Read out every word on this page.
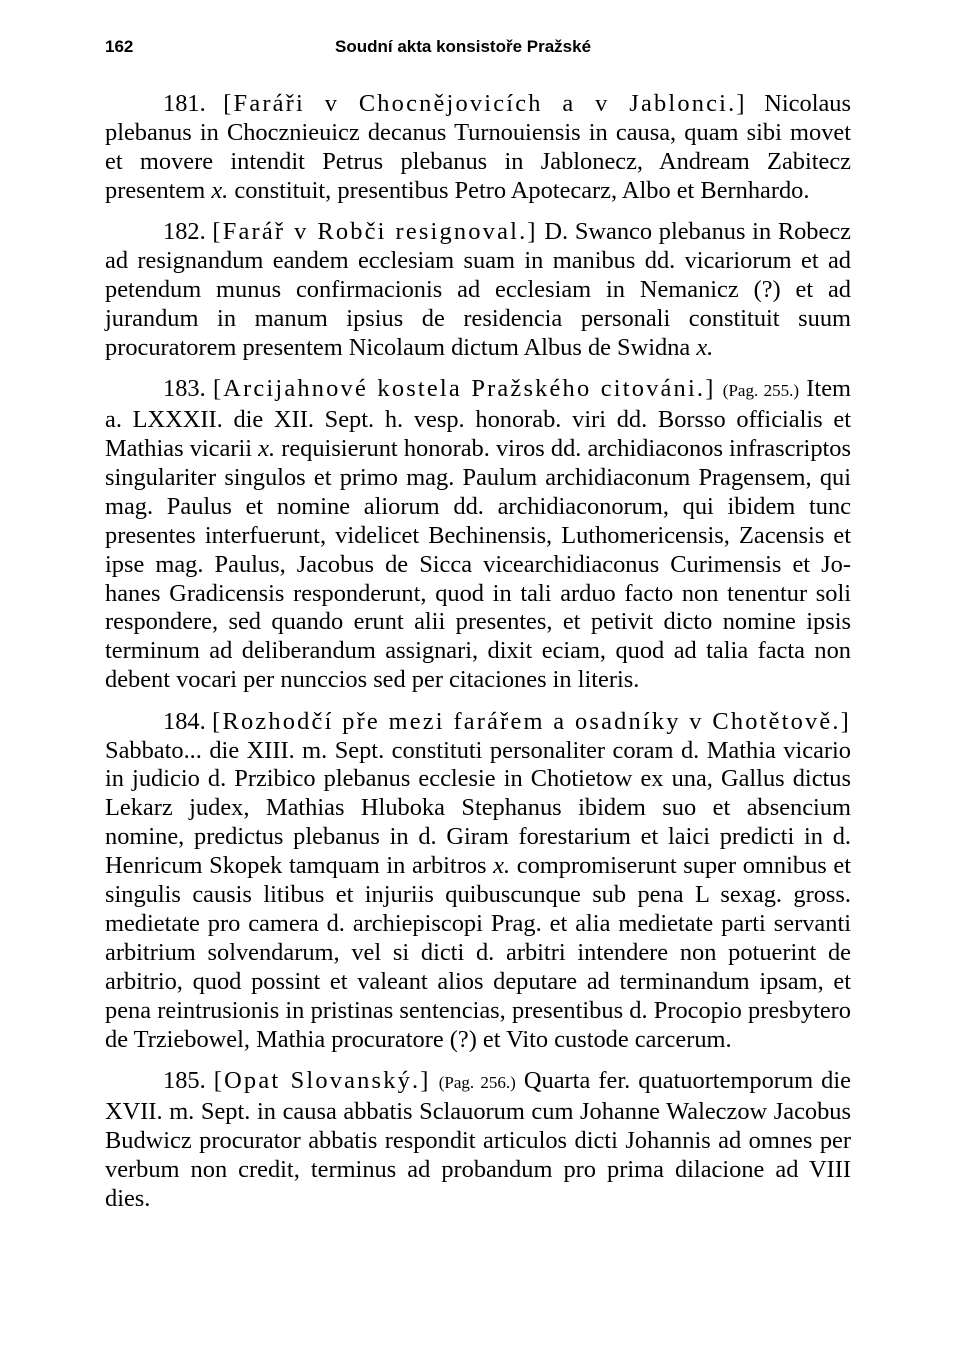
162	Soudní akta konsistoře Pražské

181. [Faráři v Chocnějovicích a v Jablonci.] Nicolaus plebanus in Chocznieuicz decanus Turnouiensis in causa, quam sibi movet et movere intendit Petrus plebanus in Jablonecz, Andream Zabitecz presentem x. constituit, presentibus Petro Apotecarz, Albo et Bernhardo.

182. [Farář v Robči resignoval.] D. Swanco plebanus in Robecz ad resignandum eandem ecclesiam suam in manibus dd. vicariorum et ad petendum munus confirmacionis ad ecclesiam in Nemanicz (?) et ad jurandum in manum ipsius de residencia personali constituit suum procuratorem presentem Nicolaum dictum Albus de Swidna x.

183. [Arcijahnové kostela Pražského citováni.] (Pag. 255.) Item a. LXXXII. die XII. Sept. h. vesp. honorab. viri dd. Borsso officialis et Mathias vicarii x. requisierunt honorab. viros dd. archidiaconos infrascriptos singulariter singulos et primo mag. Paulum archidiaconum Pragensem, qui mag. Paulus et nomine aliorum dd. archidiaconorum, qui ibidem tunc presentes interfuerunt, videlicet Bechinensis, Luthomericensis, Zacensis et ipse mag. Paulus, Jacobus de Sicca vicearchidiaconus Curimensis et Johanes Gradicensis responderunt, quod in tali arduo facto non tenentur soli respondere, sed quando erunt alii presentes, et petivit dicto nomine ipsis terminum ad deliberandum assignari, dixit eciam, quod ad talia facta non debent vocari per nunccios sed per citaciones in literis.

184. [Rozhodčí pře mezi farářem a osadníky v Chotětově.] Sabbato... die XIII. m. Sept. constituti personaliter coram d. Mathia vicario in judicio d. Przibico plebanus ecclesie in Chotietow ex una, Gallus dictus Lekarz judex, Mathias Hluboka Stephanus ibidem suo et absencium nomine, predictus plebanus in d. Giram forestarium et laici predicti in d. Henricum Skopek tamquam in arbitros x. compromiserunt super omnibus et singulis causis litibus et injuriis quibuscunque sub pena L sexag. gross. medietate pro camera d. archiepiscopi Prag. et alia medietate parti servanti arbitrium solvendarum, vel si dicti d. arbitri intendere non potuerint de arbitrio, quod possint et valeant alios deputare ad terminandum ipsam, et pena reintrusionis in pristinas sentencias, presentibus d. Procopio presbytero de Trziebowel, Mathia procuratore (?) et Vito custode carcerum.

185. [Opat Slovanský.] (Pag. 256.) Quarta fer. quatuortemporum die XVII. m. Sept. in causa abbatis Sclauorum cum Johanne Waleczow Jacobus Budwicz procurator abbatis respondit articulos dicti Johannis ad omnes per verbum non credit, terminus ad probandum pro prima dilacione ad VIII dies.
